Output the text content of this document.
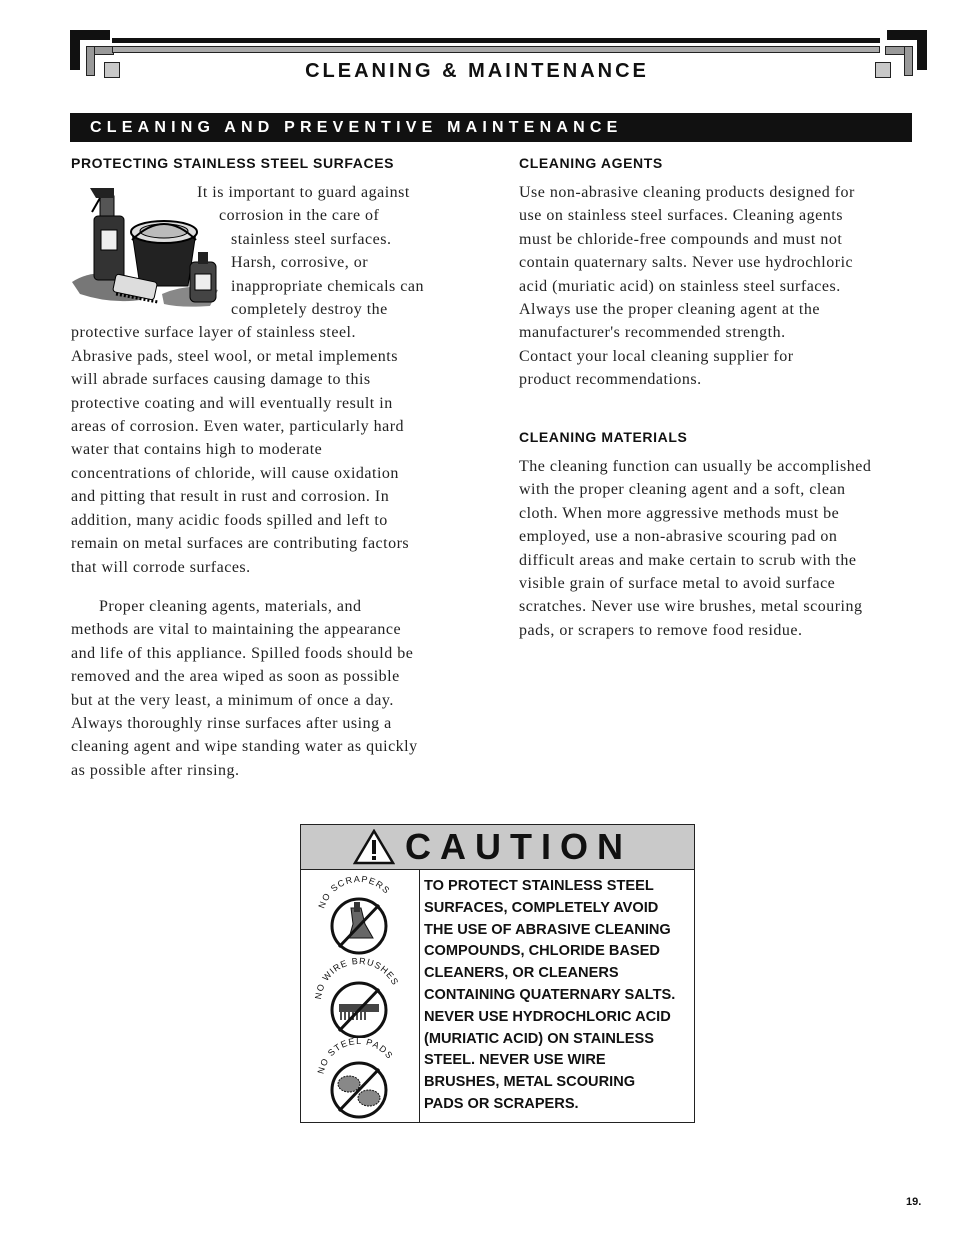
CLEANING & MAINTENANCE
CLEANING AND PREVENTIVE MAINTENANCE
PROTECTING STAINLESS STEEL SURFACES
It is important to guard against
corrosion in the care of
stainless steel surfaces.
Harsh, corrosive, or
inappropriate chemicals can
completely destroy the
protective surface layer of stainless steel.
Abrasive pads, steel wool, or metal implements
will abrade surfaces causing damage to this
protective coating and will eventually result in
areas of corrosion. Even water, particularly hard
water that contains high to moderate
concentrations of chloride, will cause oxidation
and pitting that result in rust and corrosion. In
addition, many acidic foods spilled and left to
remain on metal surfaces are contributing factors
that will corrode surfaces.
Proper cleaning agents, materials, and
methods are vital to maintaining the appearance
and life of this appliance. Spilled foods should be
removed and the area wiped as soon as possible
but at the very least, a minimum of once a day.
Always thoroughly rinse surfaces after using a
cleaning agent and wipe standing water as quickly
as possible after rinsing.
CLEANING AGENTS
Use non-abrasive cleaning products designed for
use on stainless steel surfaces. Cleaning agents
must be chloride-free compounds and must not
contain quaternary salts. Never use hydrochloric
acid (muriatic acid) on stainless steel surfaces.
Always use the proper cleaning agent at the
manufacturer's recommended strength.
Contact your local cleaning supplier for
product recommendations.
CLEANING MATERIALS
The cleaning function can usually be accomplished
with the proper cleaning agent and a soft, clean
cloth. When more aggressive methods must be
employed, use a non-abrasive scouring pad on
difficult areas and make certain to scrub with the
visible grain of surface metal to avoid surface
scratches. Never use wire brushes, metal scouring
pads, or scrapers to remove food residue.
CAUTION
NO SCRAPERS
NO WIRE BRUSHES
NO STEEL PADS
TO PROTECT STAINLESS STEEL
SURFACES, COMPLETELY AVOID
THE USE OF ABRASIVE CLEANING
COMPOUNDS, CHLORIDE BASED
CLEANERS, OR CLEANERS
CONTAINING QUATERNARY SALTS.
NEVER USE HYDROCHLORIC ACID
(MURIATIC ACID) ON STAINLESS
STEEL. NEVER USE WIRE
BRUSHES, METAL SCOURING
PADS OR SCRAPERS.
19.
